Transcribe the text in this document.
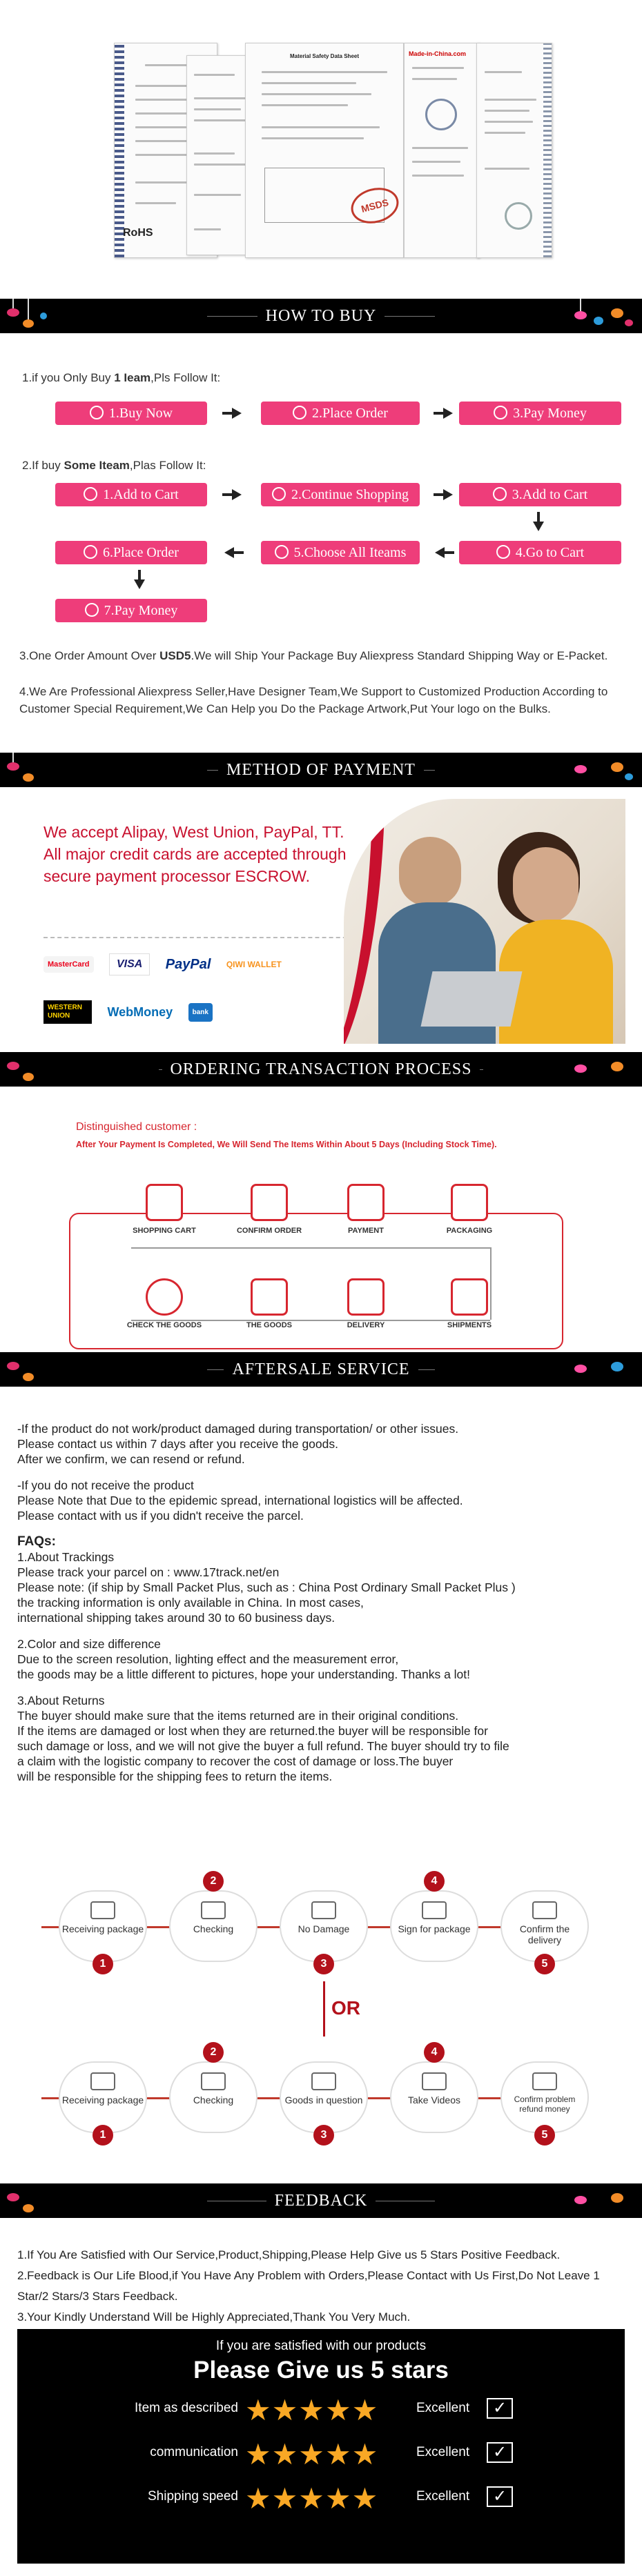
RoHS
Material Safety Data Sheet
MSDS
Made-in-China.com
HOW TO BUY
1.if you Only Buy 1 Ieam,Pls Follow It:
1.Buy Now	2.Place Order	3.Pay Money
2.If buy Some Iteam,Plas Follow It:
1.Add to Cart	2.Continue Shopping	3.Add to Cart
6.Place Order	5.Choose All Iteams	4.Go to Cart
7.Pay Money
3.One Order Amount Over USD5.We will Ship Your Package Buy Aliexpress Standard Shipping Way or E-Packet.
4.We Are Professional Aliexpress Seller,Have Designer Team,We Support to Customized Production According to Customer Special Requirement,We Can Help you Do the Package Artwork,Put Your logo on the Bulks.
METHOD OF PAYMENT
We accept Alipay, West Union, PayPal, TT. All major credit cards are accepted through secure payment processor ESCROW.
MasterCard VISA PayPal QIWI WALLET
WESTERN UNION	WebMoney	bank
ORDERING TRANSACTION PROCESS
Distinguished customer :
After Your Payment Is Completed, We Will Send The Items Within About 5 Days (Including Stock Time).
SHOPPING CART	CONFIRM ORDER	PAYMENT	PACKAGING
CHECK THE GOODS	THE GOODS	DELIVERY	SHIPMENTS
AFTERSALE SERVICE
-If the product do not work/product damaged during transportation/ or other issues.
Please contact us within 7 days after you receive the goods.
After we confirm, we can resend or refund.
-If you do not receive the product
Please Note that Due to the epidemic spread, international logistics will be affected.
Please contact with us if you didn't receive the parcel.
FAQs:
1.About Trackings
Please track your parcel on : www.17track.net/en
Please note: (if ship by Small Packet Plus, such as : China Post Ordinary Small Packet Plus )
the tracking information is only available in China. In most cases,
international shipping takes around 30 to 60 business days.
2.Color and size difference
Due to the screen resolution, lighting effect and the measurement error,
the goods may be a little different to pictures, hope your understanding. Thanks a lot!
3.About Returns
The buyer should make sure that the items returned are in their original conditions.
If the items are damaged or lost when they are returned.the buyer will be responsible for
such damage or loss, and we will not give the buyer a full refund. The buyer should try to file
a claim with the logistic company to recover the cost of damage or loss.The buyer
will be responsible for the shipping fees to return the items.
Receiving package	Checking	No Damage	Sign for package	Confirm the delivery
1
2
3
4
5
OR
Receiving package	Checking	Goods in question	Take Videos	Confirm problem refund money
1
2
3
4
5
FEEDBACK
1.If You Are Satisfied with Our Service,Product,Shipping,Please Help Give us 5 Stars Positive Feedback.
2.Feedback is Our Life Blood,if You Have Any Problem with Orders,Please Contact with Us First,Do Not Leave 1 Star/2 Stars/3 Stars Feedback.
3.Your Kindly Understand Will be Highly Appreciated,Thank You Very Much.
If you are satisfied with our products
Please Give us 5 stars
Item as described ★★★★★	Excellent	✓
communication ★★★★★	Excellent	✓
Shipping speed ★★★★★	Excellent	✓
